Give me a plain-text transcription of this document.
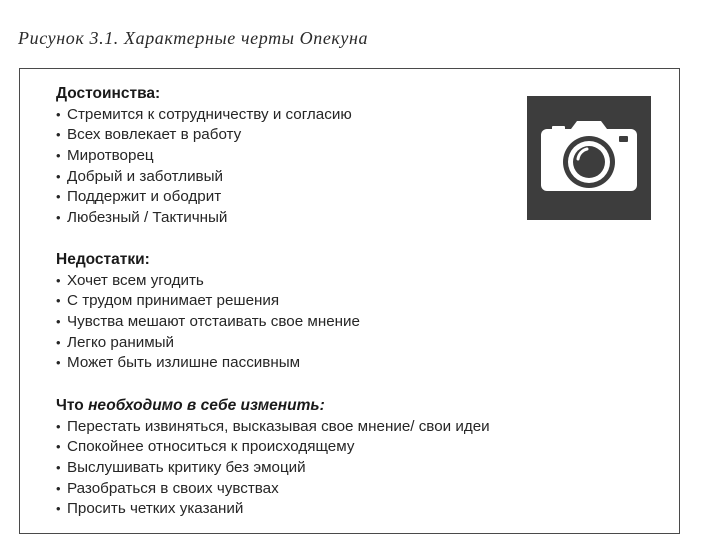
Рисунок 3.1. Характерные черты Опекуна
Достоинства:
• Стремится к сотрудничеству и согласию
• Всех вовлекает в работу
• Миротворец
• Добрый и заботливый
• Поддержит и ободрит
• Любезный / Тактичный
Недостатки:
• Хочет всем угодить
• С трудом принимает решения
• Чувства мешают отстаивать свое мнение
• Легко ранимый
• Может быть излишне пассивным
Что необходимо в себе изменить:
• Перестать извиняться, высказывая свое мнение/ свои идеи
• Спокойнее относиться к происходящему
• Выслушивать критику без эмоций
• Разобраться в своих чувствах
• Просить четких указаний
